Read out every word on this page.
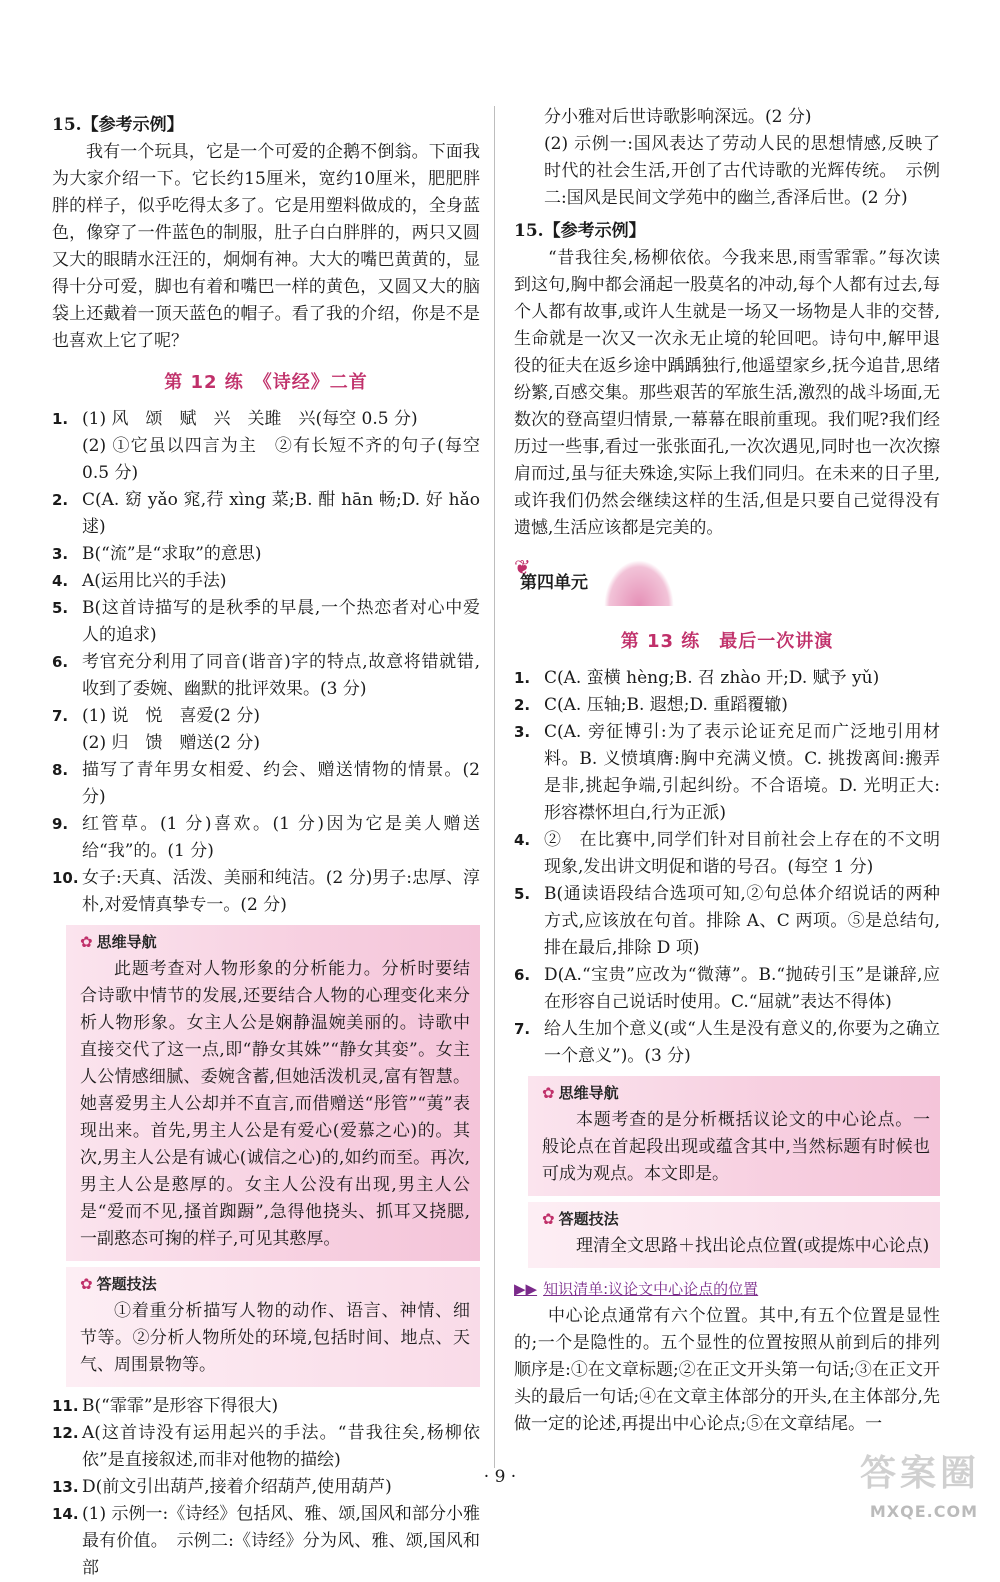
15.【参考示例】

我有一个玩具，它是一个可爱的企鹅不倒翁。下面我为大家介绍一下。它长约15厘米，宽约10厘米，肥肥胖胖的样子，似乎吃得太多了。它是用塑料做成的，全身蓝色，像穿了一件蓝色的制服，肚子白白胖胖的，两只又圆又大的眼睛水汪汪的，炯炯有神。大大的嘴巴黄黄的，显得十分可爱，脚也有着和嘴巴一样的黄色，又圆又大的脑袋上还戴着一顶天蓝色的帽子。看了我的介绍，你是不是也喜欢上它了呢？

第 12 练　《诗经》二首
1. (1) 风　颂　赋　兴　关雎　兴(每空 0.5 分)

(2) ①它虽以四言为主　②有长短不齐的句子(每空 0.5 分)

2. C(A. 窈 yǎo 窕,荇 xìng 菜;B. 酣 hān 畅;D. 好 hǎo 逑)
3. B(“流”是“求取”的意思)
4. A(运用比兴的手法)
5. B(这首诗描写的是秋季的早晨,一个热恋者对心中爱人的追求)
6. 考官充分利用了同音(谐音)字的特点,故意将错就错,收到了委婉、幽默的批评效果。(3 分)
7. (1) 说　悦　喜爱(2 分)

(2) 归　馈　赠送(2 分)

8. 描写了青年男女相爱、约会、赠送情物的情景。(2 分)
9. 红管草。(1 分)喜欢。(1 分)因为它是美人赠送给“我”的。(1 分)
10. 女子:天真、活泼、美丽和纯洁。(2 分)男子:忠厚、淳朴,对爱情真挚专一。(2 分)
✿ 思维导航

此题考查对人物形象的分析能力。分析时要结合诗歌中情节的发展,还要结合人物的心理变化来分析人物形象。女主人公是娴静温婉美丽的。诗歌中直接交代了这一点,即“静女其姝”“静女其娈”。女主人公情感细腻、委婉含蓄,但她活泼机灵,富有智慧。她喜爱男主人公却并不直言,而借赠送“彤管”“荑”表现出来。首先,男主人公是有爱心(爱慕之心)的。其次,男主人公是有诚心(诚信之心)的,如约而至。再次,男主人公是憨厚的。女主人公没有出现,男主人公是“爱而不见,搔首踟蹰”,急得他挠头、抓耳又挠腮,一副憨态可掬的样子,可见其憨厚。

✿ 答题技法

①着重分析描写人物的动作、语言、神情、细节等。②分析人物所处的环境,包括时间、地点、天气、周围景物等。

11. B(“霏霏”是形容下得很大)
12. A(这首诗没有运用起兴的手法。“昔我往矣,杨柳依依”是直接叙述,而非对他物的描绘)
13. D(前文引出葫芦,接着介绍葫芦,使用葫芦)
14. (1) 示例一:《诗经》包括风、雅、颂,国风和部分小雅最有价值。　示例二:《诗经》分为风、雅、颂,国风和部

分小雅对后世诗歌影响深远。(2 分)

(2) 示例一:国风表达了劳动人民的思想情感,反映了时代的社会生活,开创了古代诗歌的光辉传统。　示例二:国风是民间文学苑中的幽兰,香泽后世。(2 分)

15.【参考示例】

“昔我往矣,杨柳依依。今我来思,雨雪霏霏。”每次读到这句,胸中都会涌起一股莫名的冲动,每个人都有过去,每个人都有故事,或许人生就是一场又一场物是人非的交替,生命就是一次又一次永无止境的轮回吧。诗句中,解甲退役的征夫在返乡途中踽踽独行,他遥望家乡,抚今追昔,思绪纷繁,百感交集。那些艰苦的军旅生活,激烈的战斗场面,无数次的登高望归情景,一幕幕在眼前重现。我们呢?我们经历过一些事,看过一张张面孔,一次次遇见,同时也一次次擦肩而过,虽与征夫殊途,实际上我们同归。在未来的日子里,或许我们仍然会继续这样的生活,但是只要自己觉得没有遗憾,生活应该都是完美的。

❦
第四单元
第 13 练　最后一次讲演
1. C(A. 蛮横 hèng;B. 召 zhào 开;D. 赋予 yǔ)
2. C(A. 压轴;B. 遐想;D. 重蹈覆辙)
3. C(A. 旁征博引:为了表示论证充足而广泛地引用材料。B. 义愤填膺:胸中充满义愤。C. 挑拨离间:搬弄是非,挑起争端,引起纠纷。不合语境。D. 光明正大:形容襟怀坦白,行为正派)
4. ②　在比赛中,同学们针对目前社会上存在的不文明现象,发出讲文明促和谐的号召。(每空 1 分)
5. B(通读语段结合选项可知,②句总体介绍说话的两种方式,应该放在句首。排除 A、C 两项。⑤是总结句,排在最后,排除 D 项)
6. D(A.“宝贵”应改为“微薄”。B.“抛砖引玉”是谦辞,应在形容自己说话时使用。C.“屈就”表达不得体)
7. 给人生加个意义(或“人生是没有意义的,你要为之确立一个意义”)。(3 分)
✿ 思维导航

本题考查的是分析概括议论文的中心论点。一般论点在首起段出现或蕴含其中,当然标题有时候也可成为观点。本文即是。

✿ 答题技法

理清全文思路＋找出论点位置(或提炼中心论点)

▶▶ 知识清单:议论文中心论点的位置

中心论点通常有六个位置。其中,有五个位置是显性的;一个是隐性的。五个显性的位置按照从前到后的排列顺序是:①在文章标题;②在正文开头第一句话;③在正文开头的最后一句话;④在文章主体部分的开头,在主体部分,先做一定的论述,再提出中心论点;⑤在文章结尾。一

· 9 ·	答案圈
MXQE.COM
